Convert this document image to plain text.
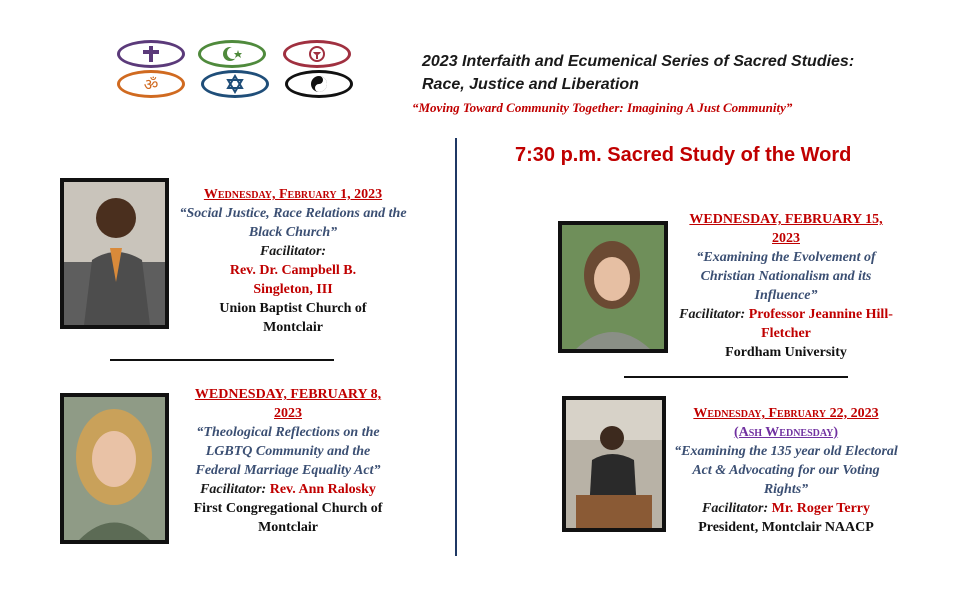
ॐ
2023 Interfaith and Ecumenical Series of Sacred Studies:
Race, Justice and Liberation
“Moving Toward Community Together: Imagining A Just Community”
7:30 p.m. Sacred Study of the Word
Wednesday, February 1, 2023
“Social Justice, Race Relations and the Black Church”
Facilitator:
Rev. Dr. Campbell B. Singleton, III
Union Baptist Church of Montclair
WEDNESDAY, FEBRUARY 8, 2023
“Theological Reflections on the LGBTQ Community and the Federal Marriage Equality Act”
Facilitator: Rev. Ann Ralosky
First Congregational Church of Montclair
WEDNESDAY, FEBRUARY 15, 2023
“Examining the Evolvement of Christian Nationalism and its Influence”
Facilitator: Professor Jeannine Hill-Fletcher
Fordham University
Wednesday, February 22, 2023
(Ash Wednesday)
“Examining the 135 year old Electoral Act & Advocating for our Voting Rights”
Facilitator: Mr. Roger Terry
President, Montclair NAACP
